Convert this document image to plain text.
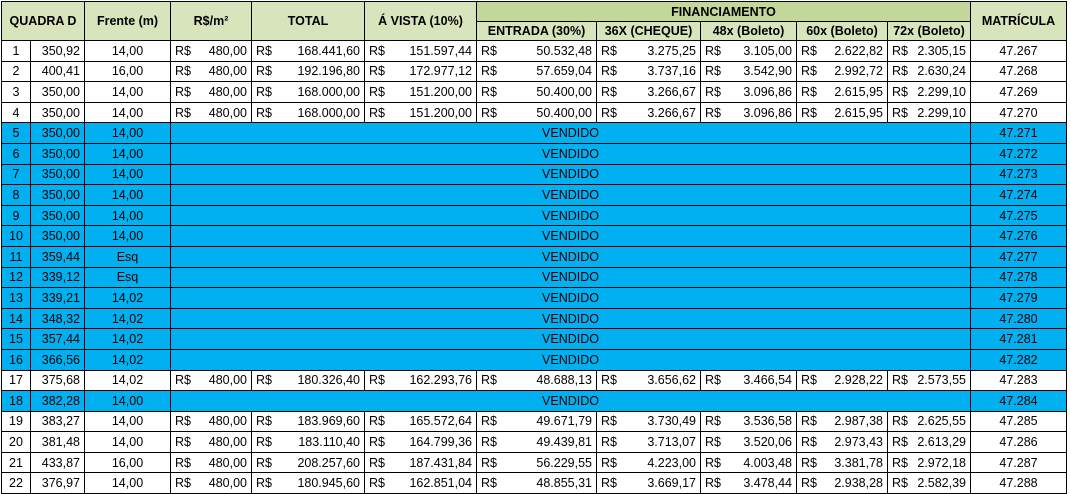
QUADRA D		Frente (m)	R$/m²	TOTAL	Á VISTA (10%)	FINANCIAMENTO					MATRÍCULA
						ENTRADA (30%)	36X (CHEQUE)	48x (Boleto)	60x (Boleto)	72x (Boleto)	
1	350,92	14,00	R$ 480,00	R$ 168.441,60	R$ 151.597,44	R$ 50.532,48	R$ 3.275,25	R$ 3.105,00	R$ 2.622,82	R$ 2.305,15	47.267
2	400,41	16,00	R$ 480,00	R$ 192.196,80	R$ 172.977,12	R$ 57.659,04	R$ 3.737,16	R$ 3.542,90	R$ 2.992,72	R$ 2.630,24	47.268
3	350,00	14,00	R$ 480,00	R$ 168.000,00	R$ 151.200,00	R$ 50.400,00	R$ 3.266,67	R$ 3.096,86	R$ 2.615,95	R$ 2.299,10	47.269
4	350,00	14,00	R$ 480,00	R$ 168.000,00	R$ 151.200,00	R$ 50.400,00	R$ 3.266,67	R$ 3.096,86	R$ 2.615,95	R$ 2.299,10	47.270
5	350,00	14,00	VENDIDO								47.271
6	350,00	14,00	VENDIDO								47.272
7	350,00	14,00	VENDIDO								47.273
8	350,00	14,00	VENDIDO								47.274
9	350,00	14,00	VENDIDO								47.275
10	350,00	14,00	VENDIDO								47.276
11	359,44	Esq	VENDIDO								47.277
12	339,12	Esq	VENDIDO								47.278
13	339,21	14,02	VENDIDO								47.279
14	348,32	14,02	VENDIDO								47.280
15	357,44	14,02	VENDIDO								47.281
16	366,56	14,02	VENDIDO								47.282
17	375,68	14,02	R$ 480,00	R$ 180.326,40	R$ 162.293,76	R$ 48.688,13	R$ 3.656,62	R$ 3.466,54	R$ 2.928,22	R$ 2.573,55	47.283
18	382,28	14,00	VENDIDO								47.284
19	383,27	14,00	R$ 480,00	R$ 183.969,60	R$ 165.572,64	R$ 49.671,79	R$ 3.730,49	R$ 3.536,58	R$ 2.987,38	R$ 2.625,55	47.285
20	381,48	14,00	R$ 480,00	R$ 183.110,40	R$ 164.799,36	R$ 49.439,81	R$ 3.713,07	R$ 3.520,06	R$ 2.973,43	R$ 2.613,29	47.286
21	433,87	16,00	R$ 480,00	R$ 208.257,60	R$ 187.431,84	R$ 56.229,55	R$ 4.223,00	R$ 4.003,48	R$ 3.381,78	R$ 2.972,18	47.287
22	376,97	14,00	R$ 480,00	R$ 180.945,60	R$ 162.851,04	R$ 48.855,31	R$ 3.669,17	R$ 3.478,44	R$ 2.938,28	R$ 2.582,39	47.288
